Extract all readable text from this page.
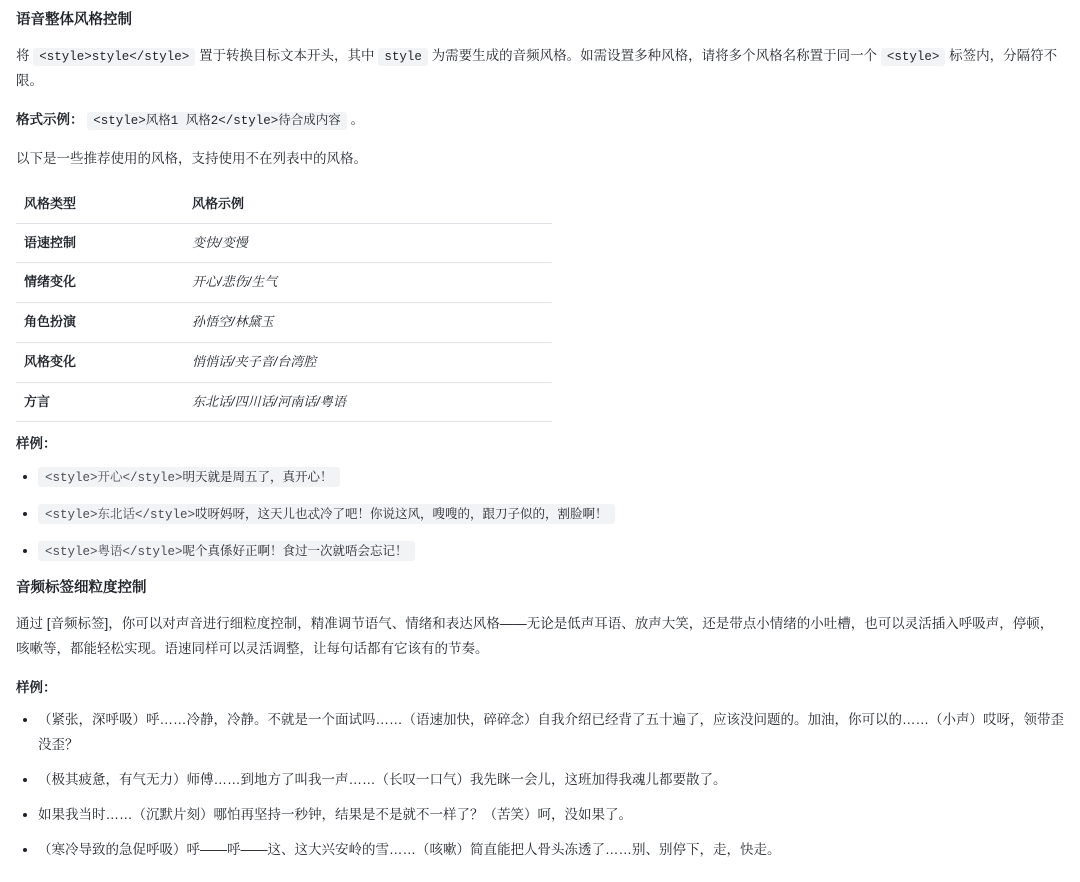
语音整体风格控制

将 <style>style</style> 置于转换目标文本开头，其中 style 为需要生成的音频风格。如需设置多种风格，请将多个风格名称置于同一个 <style> 标签内，分隔符不限。

格式示例： <style>风格1 风格2</style>待合成内容 。

以下是一些推荐使用的风格，支持使用不在列表中的风格。

风格类型	风格示例
语速控制	变快/变慢
情绪变化	开心/悲伤/生气
角色扮演	孙悟空/林黛玉
风格变化	悄悄话/夹子音/台湾腔
方言	东北话/四川话/河南话/粤语
样例：
• <style>开心</style>明天就是周五了，真开心！
• <style>东北话</style>哎呀妈呀，这天儿也忒冷了吧！你说这风，嗖嗖的，跟刀子似的，割脸啊！
• <style>粤语</style>呢个真係好正啊！食过一次就唔会忘记！
音频标签细粒度控制

通过 [音频标签]，你可以对声音进行细粒度控制，精准调节语气、情绪和表达风格——无论是低声耳语、放声大笑，还是带点小情绪的小吐槽，也可以灵活插入呼吸声，停顿，咳嗽等，都能轻松实现。语速同样可以灵活调整，让每句话都有它该有的节奏。

样例：
• （紧张，深呼吸）呼……冷静，冷静。不就是一个面试吗……（语速加快，碎碎念）自我介绍已经背了五十遍了，应该没问题的。加油，你可以的……（小声）哎呀，领带歪没歪？
• （极其疲惫，有气无力）师傅……到地方了叫我一声……（长叹一口气）我先眯一会儿，这班加得我魂儿都要散了。
• 如果我当时……（沉默片刻）哪怕再坚持一秒钟，结果是不是就不一样了？（苦笑）呵，没如果了。
• （寒冷导致的急促呼吸）呼——呼——这、这大兴安岭的雪……（咳嗽）简直能把人骨头冻透了……别、别停下，走，快走。
